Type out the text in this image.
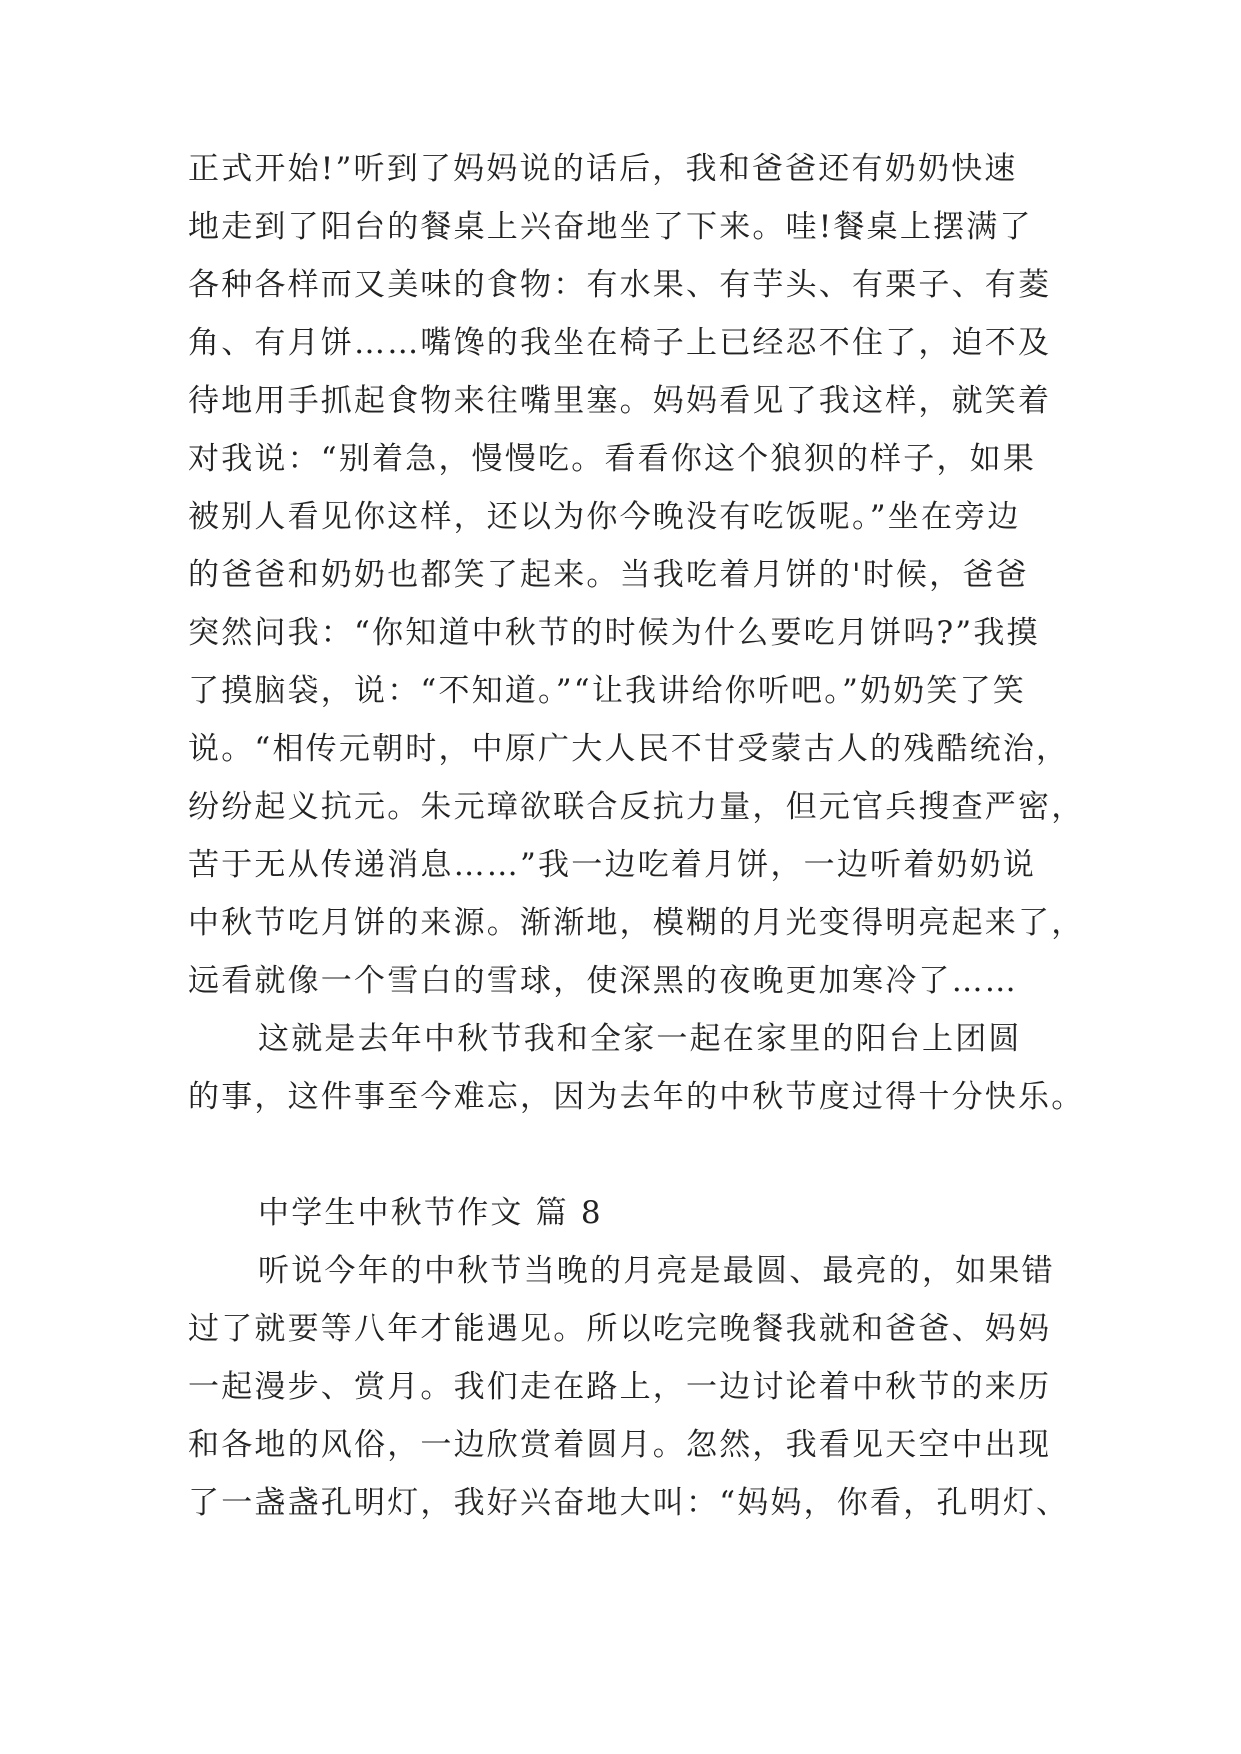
正式开始!”听到了妈妈说的话后，我和爸爸还有奶奶快速
地走到了阳台的餐桌上兴奋地坐了下来。哇!餐桌上摆满了
各种各样而又美味的食物：有水果、有芋头、有栗子、有菱
角、有月饼……嘴馋的我坐在椅子上已经忍不住了，迫不及
待地用手抓起食物来往嘴里塞。妈妈看见了我这样，就笑着
对我说：“别着急，慢慢吃。看看你这个狼狈的样子，如果
被别人看见你这样，还以为你今晚没有吃饭呢。”坐在旁边
的爸爸和奶奶也都笑了起来。当我吃着月饼的'时候，爸爸
突然问我：“你知道中秋节的时候为什么要吃月饼吗?”我摸
了摸脑袋，说：“不知道。”“让我讲给你听吧。”奶奶笑了笑
说。“相传元朝时，中原广大人民不甘受蒙古人的残酷统治，
纷纷起义抗元。朱元璋欲联合反抗力量，但元官兵搜查严密，
苦于无从传递消息……”我一边吃着月饼，一边听着奶奶说
中秋节吃月饼的来源。渐渐地，模糊的月光变得明亮起来了，
远看就像一个雪白的雪球，使深黑的夜晚更加寒冷了……
这就是去年中秋节我和全家一起在家里的阳台上团圆
的事，这件事至今难忘，因为去年的中秋节度过得十分快乐。
中学生中秋节作文 篇 8
听说今年的中秋节当晚的月亮是最圆、最亮的，如果错
过了就要等八年才能遇见。所以吃完晚餐我就和爸爸、妈妈
一起漫步、赏月。我们走在路上，一边讨论着中秋节的来历
和各地的风俗，一边欣赏着圆月。忽然，我看见天空中出现
了一盏盏孔明灯，我好兴奋地大叫：“妈妈，你看，孔明灯、
